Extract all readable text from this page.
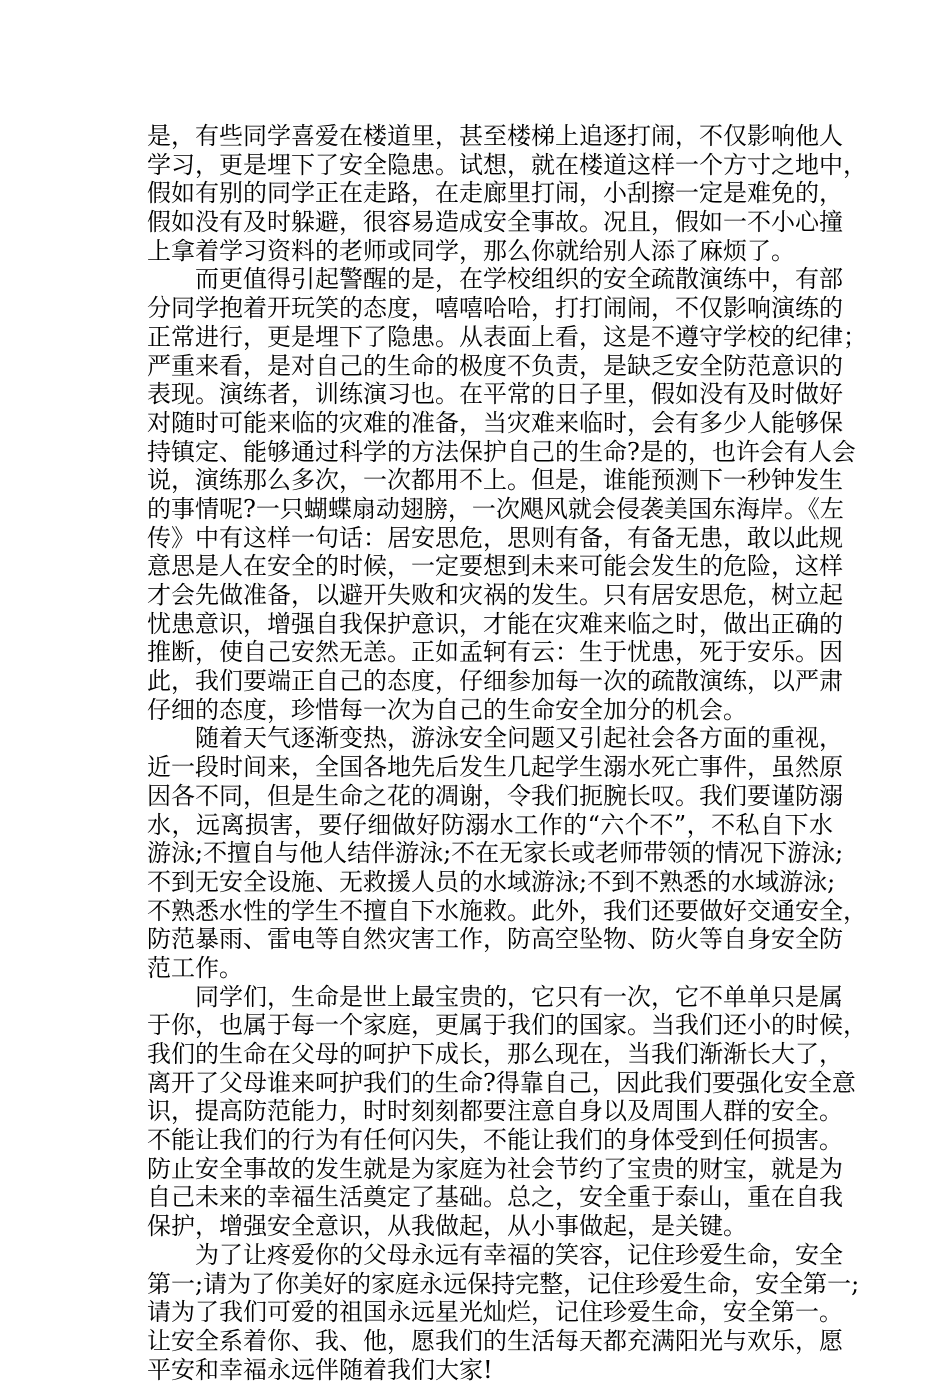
是，有些同学喜爱在楼道里，甚至楼梯上追逐打闹，不仅影响他人
学习，更是埋下了安全隐患。试想，就在楼道这样一个方寸之地中，
假如有别的同学正在走路，在走廊里打闹，小刮擦一定是难免的，
假如没有及时躲避，很容易造成安全事故。况且，假如一不小心撞
上拿着学习资料的老师或同学，那么你就给别人添了麻烦了。
而更值得引起警醒的是，在学校组织的安全疏散演练中，有部
分同学抱着开玩笑的态度，嘻嘻哈哈，打打闹闹，不仅影响演练的
正常进行，更是埋下了隐患。从表面上看，这是不遵守学校的纪律；
严重来看，是对自己的生命的极度不负责，是缺乏安全防范意识的
表现。演练者，训练演习也。在平常的日子里，假如没有及时做好
对随时可能来临的灾难的准备，当灾难来临时，会有多少人能够保
持镇定、能够通过科学的方法保护自己的生命?是的，也许会有人会
说，演练那么多次，一次都用不上。但是，谁能预测下一秒钟发生
的事情呢?一只蝴蝶扇动翅膀，一次飓风就会侵袭美国东海岸。《左
传》中有这样一句话：居安思危，思则有备，有备无患，敢以此规
意思是人在安全的时候，一定要想到未来可能会发生的危险，这样
才会先做准备，以避开失败和灾祸的发生。只有居安思危，树立起
忧患意识，增强自我保护意识，才能在灾难来临之时，做出正确的
推断，使自己安然无恙。正如孟轲有云：生于忧患，死于安乐。因
此，我们要端正自己的态度，仔细参加每一次的疏散演练，以严肃
仔细的态度，珍惜每一次为自己的生命安全加分的机会。
随着天气逐渐变热，游泳安全问题又引起社会各方面的重视，
近一段时间来，全国各地先后发生几起学生溺水死亡事件，虽然原
因各不同，但是生命之花的凋谢，令我们扼腕长叹。我们要谨防溺
水，远离损害，要仔细做好防溺水工作的“六个不”，不私自下水
游泳;不擅自与他人结伴游泳;不在无家长或老师带领的情况下游泳;
不到无安全设施、无救援人员的水域游泳;不到不熟悉的水域游泳;
不熟悉水性的学生不擅自下水施救。此外，我们还要做好交通安全，
防范暴雨、雷电等自然灾害工作，防高空坠物、防火等自身安全防
范工作。
同学们，生命是世上最宝贵的，它只有一次，它不单单只是属
于你，也属于每一个家庭，更属于我们的国家。当我们还小的时候，
我们的生命在父母的呵护下成长，那么现在，当我们渐渐长大了，
离开了父母谁来呵护我们的生命?得靠自己，因此我们要强化安全意
识，提高防范能力，时时刻刻都要注意自身以及周围人群的安全。
不能让我们的行为有任何闪失，不能让我们的身体受到任何损害。
防止安全事故的发生就是为家庭为社会节约了宝贵的财宝，就是为
自己未来的幸福生活奠定了基础。总之，安全重于泰山，重在自我
保护，增强安全意识，从我做起，从小事做起，是关键。
为了让疼爱你的父母永远有幸福的笑容，记住珍爱生命，安全
第一;请为了你美好的家庭永远保持完整，记住珍爱生命，安全第一;
请为了我们可爱的祖国永远星光灿烂，记住珍爱生命，安全第一。
让安全系着你、我、他，愿我们的生活每天都充满阳光与欢乐，愿
平安和幸福永远伴随着我们大家!
